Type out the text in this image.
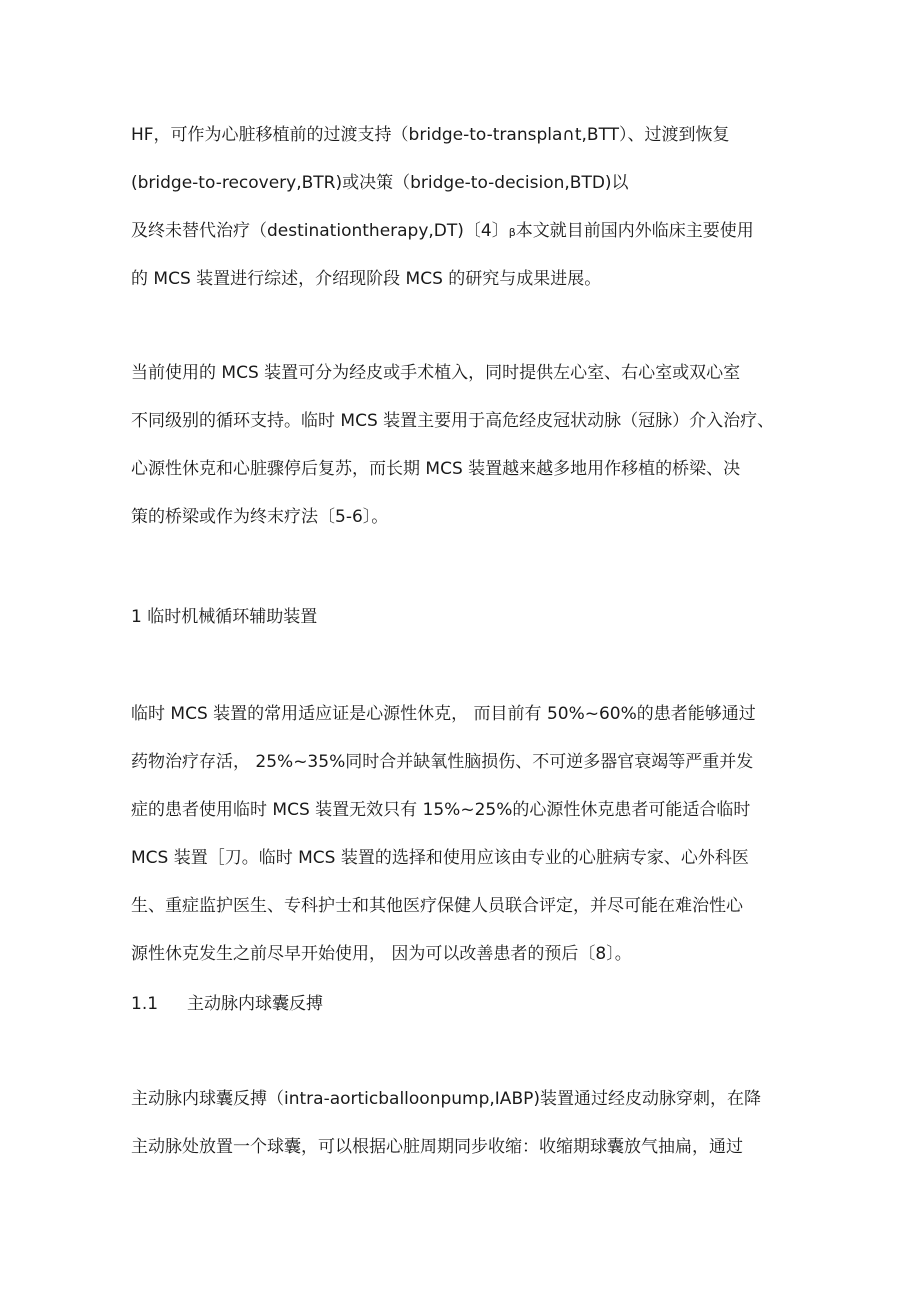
HF，可作为心脏移植前的过渡支持（bridge-to-transpla∩t,BTT）、过渡到恢复
(bridge-to-recovery,BTR)或决策（bridge-to-decision,BTD)以
及终未替代治疗（destinationtherapy,DT)〔4〕β本文就目前国内外临床主要使用
的 MCS 装置进行综述，介绍现阶段 MCS 的研究与成果进展。
当前使用的 MCS 装置可分为经皮或手术植入，同时提供左心室、右心室或双心室
不同级别的循环支持。临时 MCS 装置主要用于高危经皮冠状动脉（冠脉）介入治疗、
心源性休克和心脏骤停后复苏，而长期 MCS 装置越来越多地用作移植的桥梁、决
策的桥梁或作为终末疗法〔5-6〕。
1 临时机械循环辅助装置
临时 MCS 装置的常用适应证是心源性休克， 而目前有 50%~60%的患者能够通过
药物治疗存活， 25%~35%同时合并缺氧性脑损伤、不可逆多器官衰竭等严重并发
症的患者使用临时 MCS 装置无效只有 15%~25%的心源性休克患者可能适合临时
MCS 装置［刀。临时 MCS 装置的选择和使用应该由专业的心脏病专家、心外科医
生、重症监护医生、专科护士和其他医疗保健人员联合评定，并尽可能在难治性心
源性休克发生之前尽早开始使用， 因为可以改善患者的预后〔8〕。
1.1 主动脉内球囊反搏
主动脉内球囊反搏（intra-aorticballoonpump,IABP)装置通过经皮动脉穿刺，在降
主动脉处放置一个球囊，可以根据心脏周期同步收缩：收缩期球囊放气抽扁，通过
